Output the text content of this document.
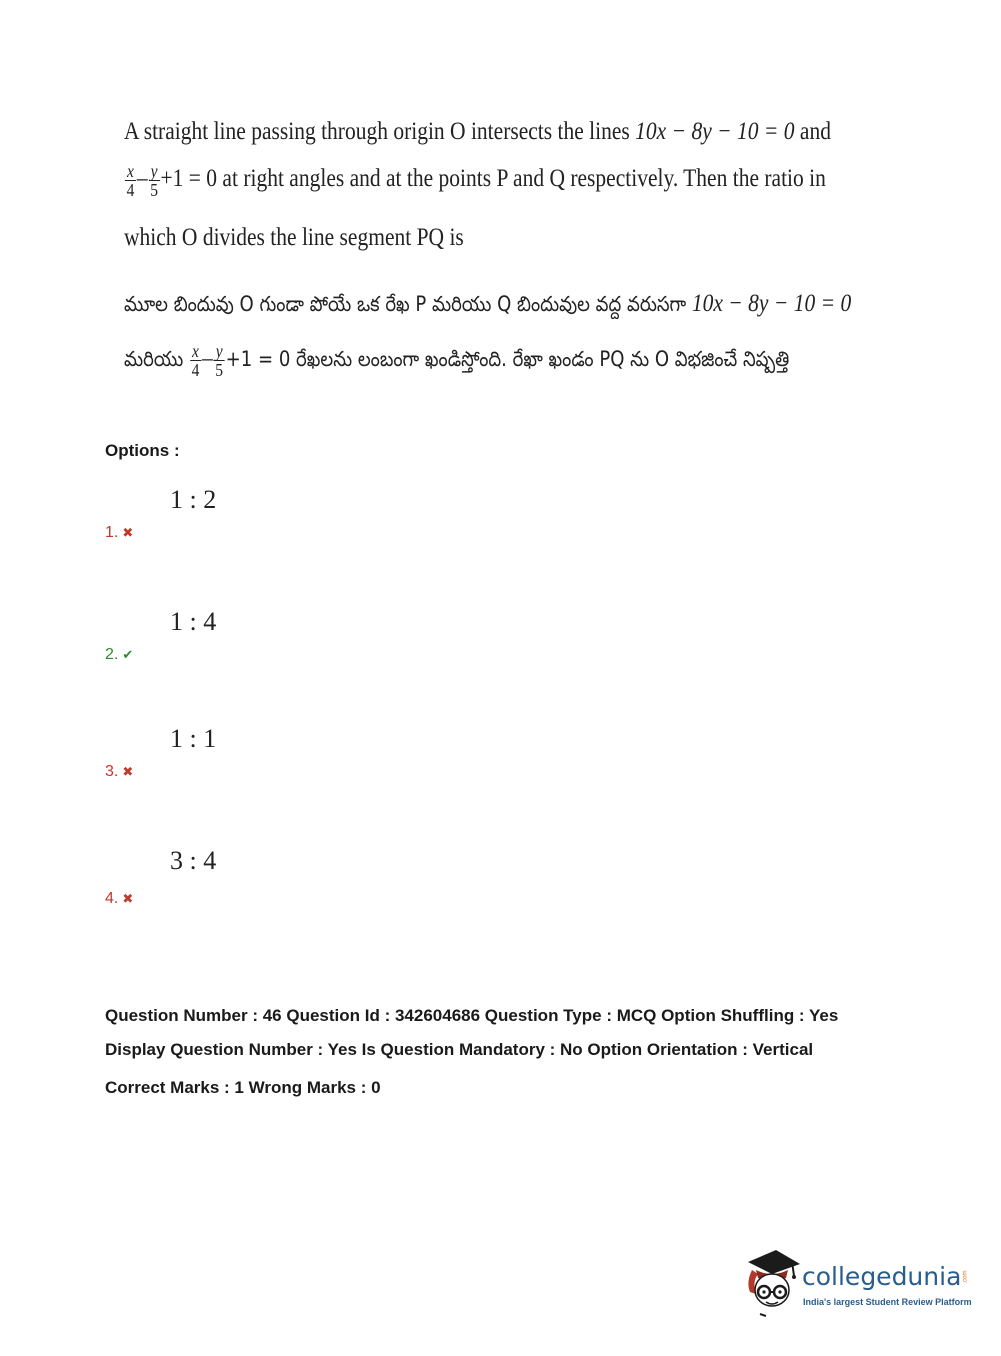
A straight line passing through origin O intersects the lines 10x − 8y − 10 = 0 and
$\frac{x}{4} - \frac{y}{5} +1 = 0$ at right angles and at the points P and Q respectively. Then the ratio in
which O divides the line segment PQ is
మూల బిందువు O గుండా పోయే ఒక రేఖ P మరియు Q బిందువుల వద్ద వరుసగా 10x − 8y − 10 = 0
మరియు $\frac{x}{4} - \frac{y}{5} +1 = 0$ రేఖలను లంబంగా ఖండిస్తోంది. రేఖా ఖండం PQ ను O విభజించే నిష్పత్తి
Options :
1 : 2
1. ✖
1 : 4
2. ✔
1 : 1
3. ✖
3 : 4
4. ✖
Question Number : 46 Question Id : 342604686 Question Type : MCQ Option Shuffling : Yes
Display Question Number : Yes Is Question Mandatory : No Option Orientation : Vertical
Correct Marks : 1 Wrong Marks : 0
collegedunia .com
India's largest Student Review Platform
